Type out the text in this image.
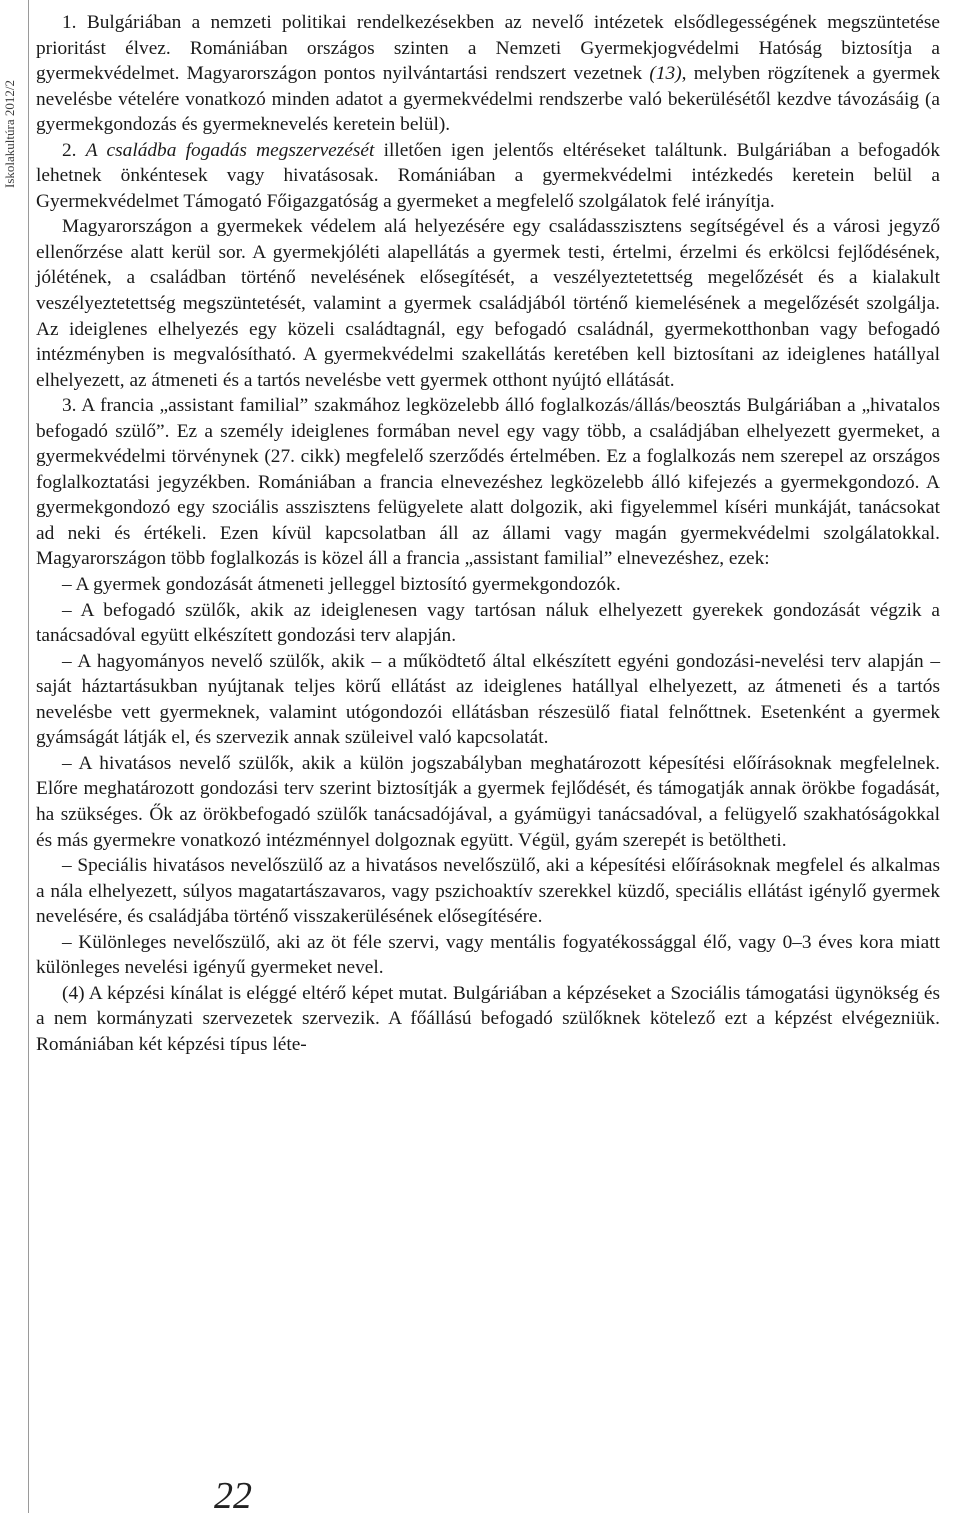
Iskolakultúra 2012/2

1. Bulgáriában a nemzeti politikai rendelkezésekben az nevelő intézetek elsődlegességének megszüntetése prioritást élvez. Romániában országos szinten a Nemzeti Gyermekjogvédelmi Hatóság biztosítja a gyermekvédelmet. Magyarországon pontos nyilvántartási rendszert vezetnek (13), melyben rögzítenek a gyermek nevelésbe vételére vonatkozó minden adatot a gyermekvédelmi rendszerbe való bekerülésétől kezdve távozásáig (a gyermekgondozás és gyermeknevelés keretein belül).

2. A családba fogadás megszervezését illetően igen jelentős eltéréseket találtunk. Bulgáriában a befogadók lehetnek önkéntesek vagy hivatásosak. Romániában a gyermekvédelmi intézkedés keretein belül a Gyermekvédelmet Támogató Főigazgatóság a gyermeket a megfelelő szolgálatok felé irányítja.

Magyarországon a gyermekek védelem alá helyezésére egy családasszisztens segítségével és a városi jegyző ellenőrzése alatt kerül sor. A gyermekjóléti alapellátás a gyermek testi, értelmi, érzelmi és erkölcsi fejlődésének, jólétének, a családban történő nevelésének elősegítését, a veszélyeztetettség megelőzését és a kialakult veszélyeztetettség megszüntetését, valamint a gyermek családjából történő kiemelésének a megelőzését szolgálja. Az ideiglenes elhelyezés egy közeli családtagnál, egy befogadó családnál, gyermekotthonban vagy befogadó intézményben is megvalósítható. A gyermekvédelmi szakellátás keretében kell biztosítani az ideiglenes hatállyal elhelyezett, az átmeneti és a tartós nevelésbe vett gyermek otthont nyújtó ellátását.

3. A francia „assistant familial” szakmához legközelebb álló foglalkozás/állás/beosztás Bulgáriában a „hivatalos befogadó szülő”. Ez a személy ideiglenes formában nevel egy vagy több, a családjában elhelyezett gyermeket, a gyermekvédelmi törvénynek (27. cikk) megfelelő szerződés értelmében. Ez a foglalkozás nem szerepel az országos foglalkoztatási jegyzékben. Romániában a francia elnevezéshez legközelebb álló kifejezés a gyermekgondozó. A gyermekgondozó egy szociális asszisztens felügyelete alatt dolgozik, aki figyelemmel kíséri munkáját, tanácsokat ad neki és értékeli. Ezen kívül kapcsolatban áll az állami vagy magán gyermekvédelmi szolgálatokkal. Magyarországon több foglalkozás is közel áll a francia „assistant familial” elnevezéshez, ezek:

– A gyermek gondozását átmeneti jelleggel biztosító gyermekgondozók.

– A befogadó szülők, akik az ideiglenesen vagy tartósan náluk elhelyezett gyerekek gondozását végzik a tanácsadóval együtt elkészített gondozási terv alapján.

– A hagyományos nevelő szülők, akik – a működtető által elkészített egyéni gondozási-nevelési terv alapján – saját háztartásukban nyújtanak teljes körű ellátást az ideiglenes hatállyal elhelyezett, az átmeneti és a tartós nevelésbe vett gyermeknek, valamint utógondozói ellátásban részesülő fiatal felnőttnek. Esetenként a gyermek gyámságát látják el, és szervezik annak szüleivel való kapcsolatát.

– A hivatásos nevelő szülők, akik a külön jogszabályban meghatározott képesítési előírásoknak megfelelnek. Előre meghatározott gondozási terv szerint biztosítják a gyermek fejlődését, és támogatják annak örökbe fogadását, ha szükséges. Ők az örökbefogadó szülők tanácsadójával, a gyámügyi tanácsadóval, a felügyelő szakhatóságokkal és más gyermekre vonatkozó intézménnyel dolgoznak együtt. Végül, gyám szerepét is betöltheti.

– Speciális hivatásos nevelőszülő az a hivatásos nevelőszülő, aki a képesítési előírásoknak megfelel és alkalmas a nála elhelyezett, súlyos magatartászavaros, vagy pszichoaktív szerekkel küzdő, speciális ellátást igénylő gyermek nevelésére, és családjába történő visszakerülésének elősegítésére.

– Különleges nevelőszülő, aki az öt féle szervi, vagy mentális fogyatékossággal élő, vagy 0–3 éves kora miatt különleges nevelési igényű gyermeket nevel.

(4) A képzési kínálat is eléggé eltérő képet mutat. Bulgáriában a képzéseket a Szociális támogatási ügynökség és a nem kormányzati szervezetek szervezik. A főállású befogadó szülőknek kötelező ezt a képzést elvégezniük. Romániában két képzési típus léte-

22
